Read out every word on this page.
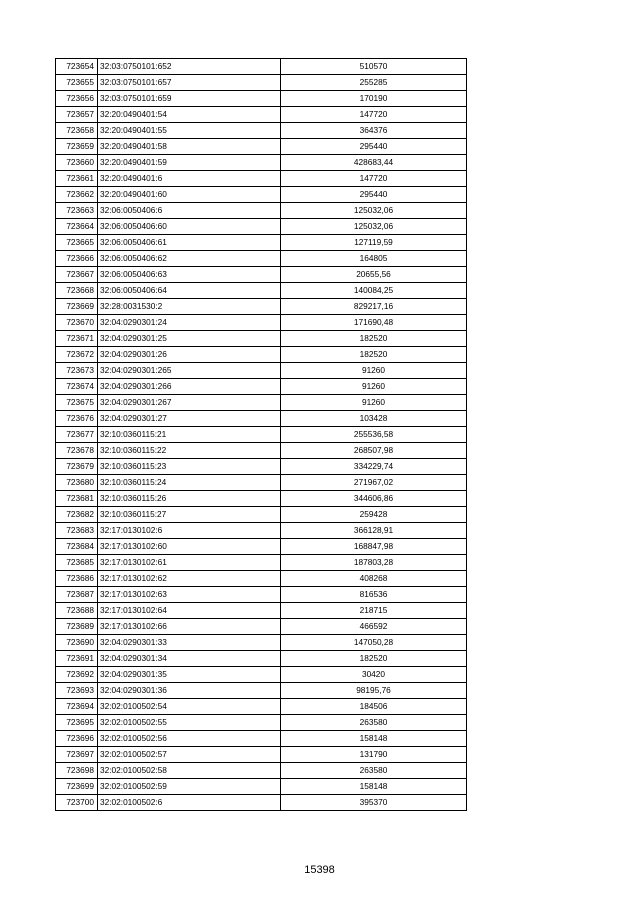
723654	32:03:0750101:652	510570
723655	32:03:0750101:657	255285
723656	32:03:0750101:659	170190
723657	32:20:0490401:54	147720
723658	32:20:0490401:55	364376
723659	32:20:0490401:58	295440
723660	32:20:0490401:59	428683,44
723661	32:20:0490401:6	147720
723662	32:20:0490401:60	295440
723663	32:06:0050406:6	125032,06
723664	32:06:0050406:60	125032,06
723665	32:06:0050406:61	127119,59
723666	32:06:0050406:62	164805
723667	32:06:0050406:63	20655,56
723668	32:06:0050406:64	140084,25
723669	32:28:0031530:2	829217,16
723670	32:04:0290301:24	171690,48
723671	32:04:0290301:25	182520
723672	32:04:0290301:26	182520
723673	32:04:0290301:265	91260
723674	32:04:0290301:266	91260
723675	32:04:0290301:267	91260
723676	32:04:0290301:27	103428
723677	32:10:0360115:21	255536,58
723678	32:10:0360115:22	268507,98
723679	32:10:0360115:23	334229,74
723680	32:10:0360115:24	271967,02
723681	32:10:0360115:26	344606,86
723682	32:10:0360115:27	259428
723683	32:17:0130102:6	366128,91
723684	32:17:0130102:60	168847,98
723685	32:17:0130102:61	187803,28
723686	32:17:0130102:62	408268
723687	32:17:0130102:63	816536
723688	32:17:0130102:64	218715
723689	32:17:0130102:66	466592
723690	32:04:0290301:33	147050,28
723691	32:04:0290301:34	182520
723692	32:04:0290301:35	30420
723693	32:04:0290301:36	98195,76
723694	32:02:0100502:54	184506
723695	32:02:0100502:55	263580
723696	32:02:0100502:56	158148
723697	32:02:0100502:57	131790
723698	32:02:0100502:58	263580
723699	32:02:0100502:59	158148
723700	32:02:0100502:6	395370
15398
